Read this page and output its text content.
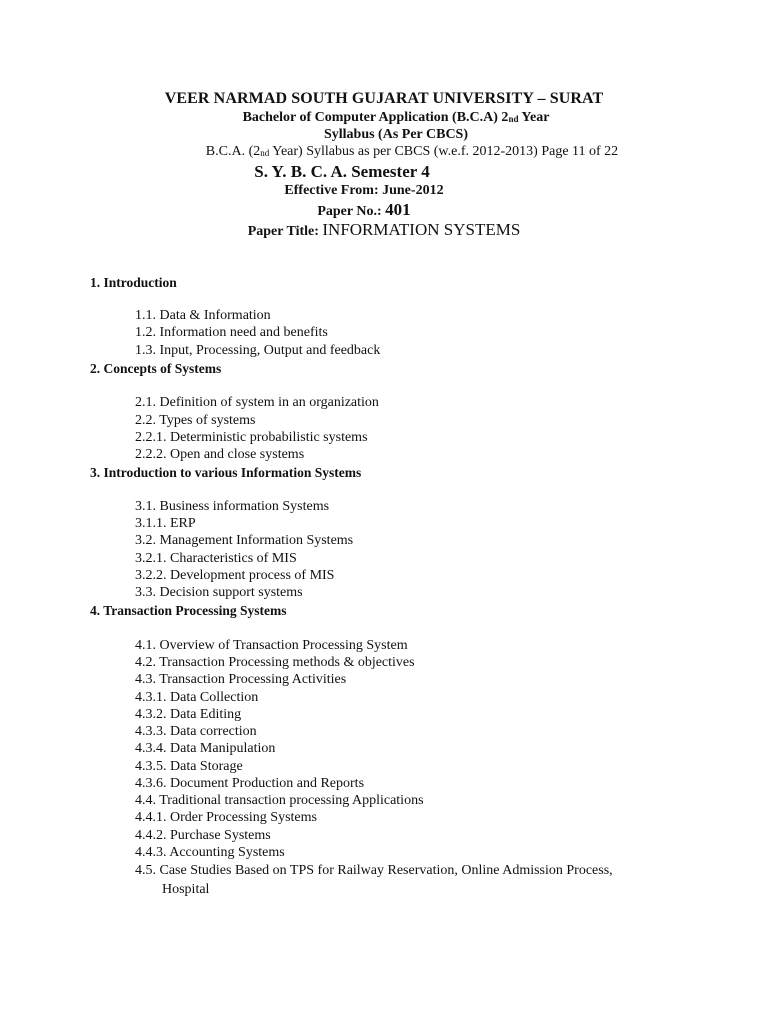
VEER NARMAD SOUTH GUJARAT UNIVERSITY – SURAT
Bachelor of Computer Application (B.C.A) $2_{nd}$ Year
Syllabus (As Per CBCS)
B.C.A. ($2_{nd}$ Year) Syllabus as per CBCS (w.e.f. 2012-2013) Page 11 of 22
S. Y. B. C. A. Semester 4
Effective From: June-2012
Paper No.: 401
Paper Title: INFORMATION SYSTEMS
1. Introduction
1.1. Data & Information
1.2. Information need and benefits
1.3. Input, Processing, Output and feedback
2. Concepts of Systems
2.1. Definition of system in an organization
2.2. Types of systems
2.2.1. Deterministic probabilistic systems
2.2.2. Open and close systems
3. Introduction to various Information Systems
3.1. Business information Systems
3.1.1. ERP
3.2. Management Information Systems
3.2.1. Characteristics of MIS
3.2.2. Development process of MIS
3.3. Decision support systems
4. Transaction Processing Systems
4.1. Overview of Transaction Processing System
4.2. Transaction Processing methods & objectives
4.3. Transaction Processing Activities
4.3.1. Data Collection
4.3.2. Data Editing
4.3.3. Data correction
4.3.4. Data Manipulation
4.3.5. Data Storage
4.3.6. Document Production and Reports
4.4. Traditional transaction processing Applications
4.4.1. Order Processing Systems
4.4.2. Purchase Systems
4.4.3. Accounting Systems
4.5. Case Studies Based on TPS for Railway Reservation, Online Admission Process,
Hospital
